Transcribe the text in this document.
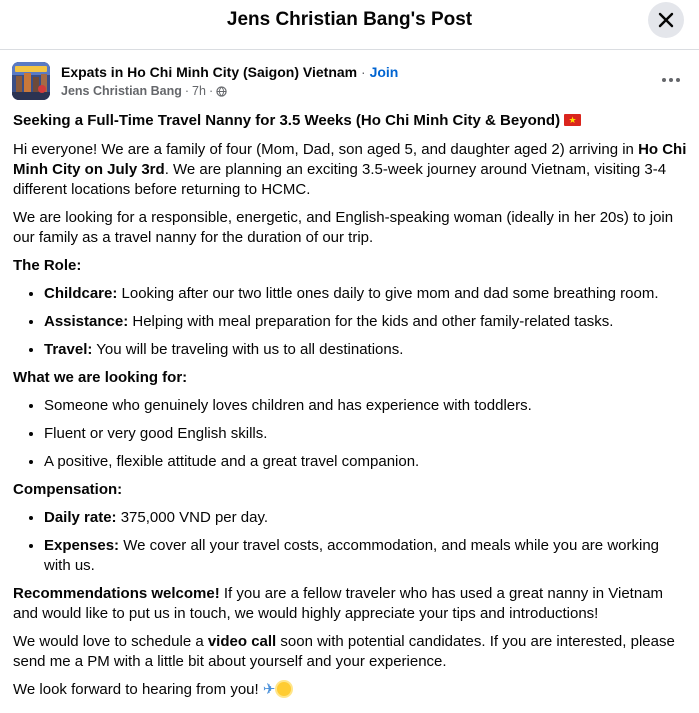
Jens Christian Bang's Post
Expats in Ho Chi Minh City (Saigon) Vietnam · Join
Jens Christian Bang · 7h ·

Seeking a Full-Time Travel Nanny for 3.5 Weeks (Ho Chi Minh City & Beyond)★

Hi everyone! We are a family of four (Mom, Dad, son aged 5, and daughter aged 2) arriving in Ho Chi Minh City on July 3rd. We are planning an exciting 3.5-week journey around Vietnam, visiting 3-4 different locations before returning to HCMC.

We are looking for a responsible, energetic, and English-speaking woman (ideally in her 20s) to join our family as a travel nanny for the duration of our trip.

The Role:
• Childcare: Looking after our two little ones daily to give mom and dad some breathing room.
• Assistance: Helping with meal preparation for the kids and other family-related tasks.
• Travel: You will be traveling with us to all destinations.
What we are looking for:
• Someone who genuinely loves children and has experience with toddlers.
• Fluent or very good English skills.
• A positive, flexible attitude and a great travel companion.
Compensation:
• Daily rate: 375,000 VND per day.
• Expenses: We cover all your travel costs, accommodation, and meals while you are working with us.

Recommendations welcome! If you are a fellow traveler who has used a great nanny in Vietnam and would like to put us in touch, we would highly appreciate your tips and introductions!

We would love to schedule a video call soon with potential candidates. If you are interested, please send me a PM with a little bit about yourself and your experience.

We look forward to hearing from you! ✈
